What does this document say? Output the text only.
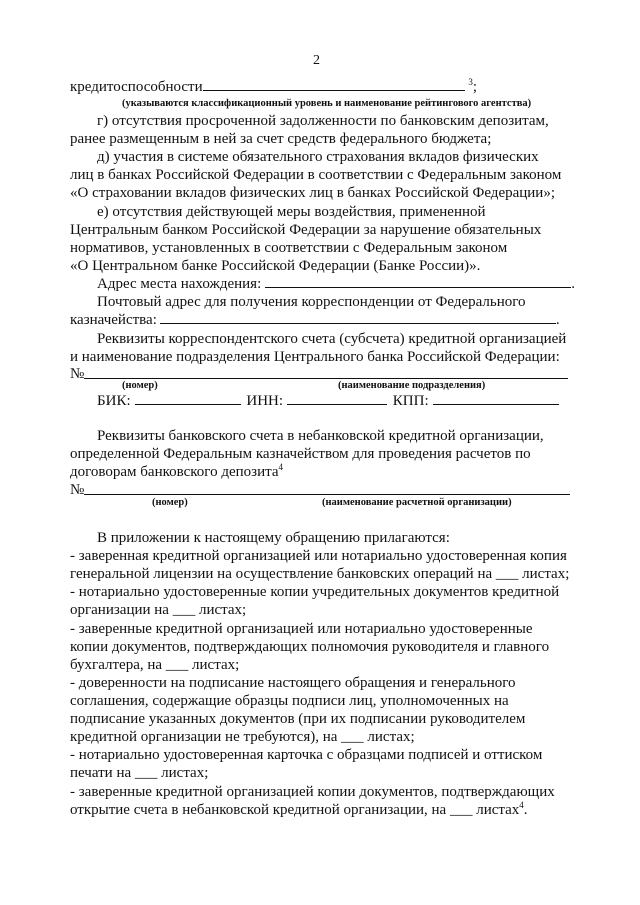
2
кредитоспособности	$^3$;
(указываются классификационный уровень и наименование рейтингового агентства)
г) отсутствия просроченной задолженности по банковским депозитам,
ранее размещенным в ней за счет средств федерального бюджета;
д) участия в системе обязательного страхования вкладов физических
лиц в банках Российской Федерации в соответствии с Федеральным законом
«О страховании вкладов физических лиц в банках Российской Федерации»;
е) отсутствия действующей меры воздействия, примененной
Центральным банком Российской Федерации за нарушение обязательных
нормативов, установленных в соответствии с Федеральным законом
«О Центральном банке Российской Федерации (Банке России)».
Адрес места нахождения:	.
Почтовый адрес для получения корреспонденции от Федерального
казначейства:	.
Реквизиты корреспондентского счета (субсчета) кредитной организацией
и наименование подразделения Центрального банка Российской Федерации:
№
(номер)	(наименование подразделения)
БИК:	ИНН:	КПП:
Реквизиты банковского счета в небанковской кредитной организации,
определенной Федеральным казначейством для проведения расчетов по
договорам банковского депозита$^4$
№
(номер)	(наименование расчетной организации)
В приложении к настоящему обращению прилагаются:
- заверенная кредитной организацией или нотариально удостоверенная копия
генеральной лицензии на осуществление банковских операций на ___ листах;
- нотариально удостоверенные копии учредительных документов кредитной
организации на ___ листах;
- заверенные кредитной организацией или нотариально удостоверенные
копии документов, подтверждающих полномочия руководителя и главного
бухгалтера, на ___ листах;
- доверенности на подписание настоящего обращения и генерального
соглашения, содержащие образцы подписи лиц, уполномоченных на
подписание указанных документов (при их подписании руководителем
кредитной организации не требуются), на ___ листах;
- нотариально удостоверенная карточка с образцами подписей и оттиском
печати на ___ листах;
- заверенные кредитной организацией копии документов, подтверждающих
открытие счета в небанковской кредитной организации, на ___ листах$^4$.
